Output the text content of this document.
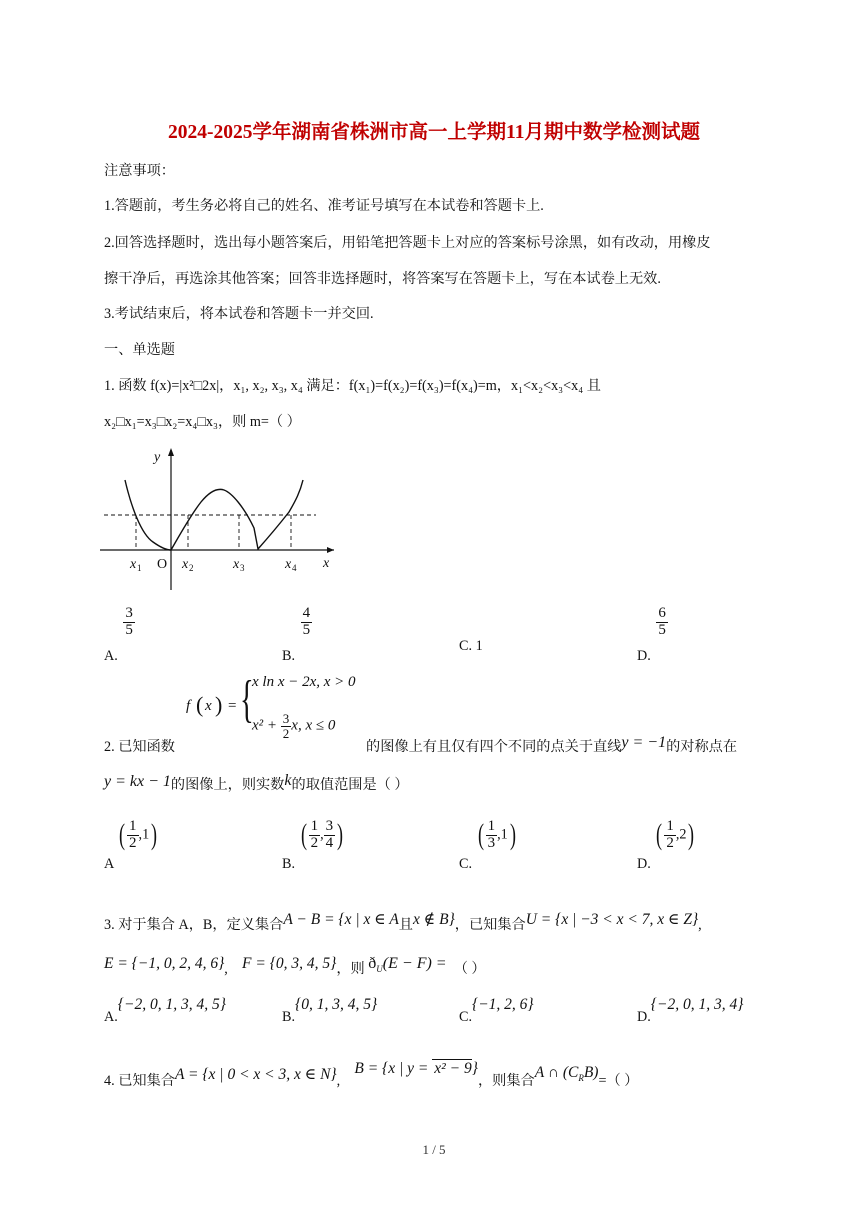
2024-2025学年湖南省株洲市高一上学期11月期中数学检测试题
注意事项：
1.答题前，考生务必将自己的姓名、准考证号填写在本试卷和答题卡上.
2.回答选择题时，选出每小题答案后，用铅笔把答题卡上对应的答案标号涂黑，如有改动，用橡皮
擦干净后，再选涂其他答案；回答非选择题时，将答案写在答题卡上，写在本试卷上无效.
3.考试结束后，将本试卷和答题卡一并交回.
一、单选题
1. 函数 f(x)=|x²□2x|，x₁, x₂, x₃, x₄ 满足：f(x₁)=f(x₂)=f(x₃)=f(x₄)=m，x₁<x₂<x₃<x₄ 且
x₂□x₁=x₃□x₂=x₄□x₃，则 m=（ ）
y
x
O
x 1	x 2	x 3	x 4
A.
$\frac{3}{5}$
B.
$\frac{4}{5}$
C. 1
D.
$\frac{6}{5}$
f ( x ) = {
x ln x − 2x, x > 0
$x^2 + \frac{3}{2} x$, x ≤ 0
2. 已知函数	的图像上有且仅有四个不同的点关于直线y = −1的对称点在
y = kx − 1的图像上，则实数k的取值范围是（ ）
A ( $\frac{1}{2} ,1$)
B. ( $\frac{1}{2}$ , $\frac{3}{4}$ )
C. ( $\frac{1}{3} ,1$)
D. ( $\frac{1}{2} ,2$)
3. 对于集合 A，B，定义集合A − B = {x | x ∈ A且x ∉ B}，已知集合U = {x | −3 < x < 7, x ∈ Z},
E = {−1, 0, 2, 4, 6}, F = {0, 3, 4, 5}，则 ðU(E − F) = （ ）
A.{−2, 0, 1, 3, 4, 5}
B.{0, 1, 3, 4, 5}
C.{−1, 2, 6}
D.{−2, 0, 1, 3, 4}
4. 已知集合A = {x | 0 < x < 3, x ∈ N},    B = {x | y = x² − 9}，则集合A ∩ $(C^RB)=$（ ）
1 / 5
